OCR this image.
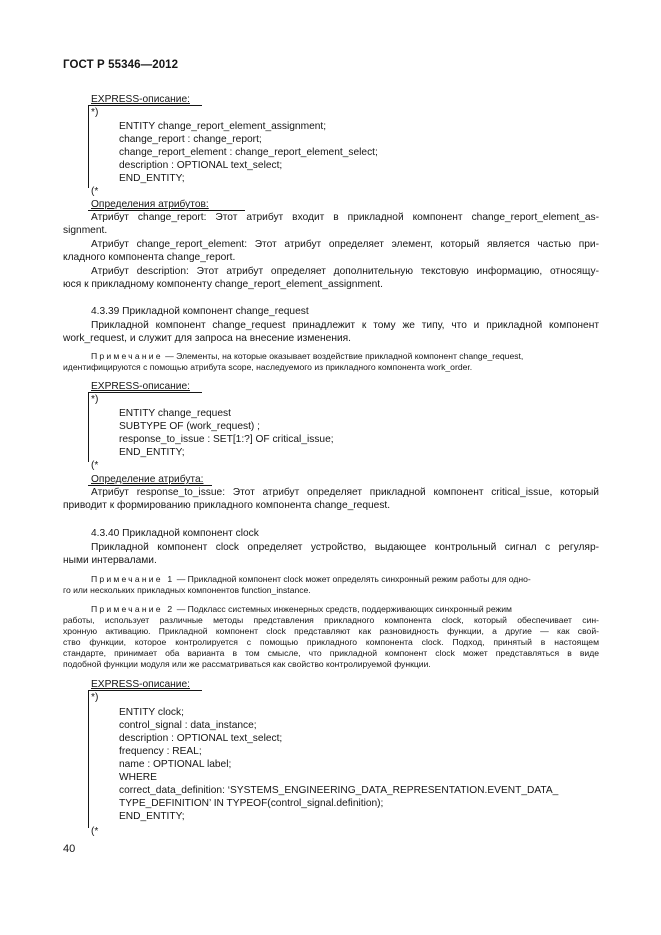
ГОСТ Р 55346—2012
EXPRESS-описание:
*)
ENTITY change_report_element_assignment;
change_report : change_report;
change_report_element : change_report_element_select;
description : OPTIONAL text_select;
END_ENTITY;
(*
Определения атрибутов:
Атрибут change_report: Этот атрибут входит в прикладной компонент change_report_element_as-
signment.
Атрибут change_report_element: Этот атрибут определяет элемент, который является частью при-
кладного компонента change_report.
Атрибут description: Этот атрибут определяет дополнительную текстовую информацию, относящу-
юся к прикладному компоненту change_report_element_assignment.
4.3.39 Прикладной компонент change_request
Прикладной компонент change_request принадлежит к тому же типу, что и прикладной компонент
work_request, и служит для запроса на внесение изменения.
Примечание — Элементы, на которые оказывает воздействие прикладной компонент change_request,
идентифицируются с помощью атрибута scope, наследуемого из прикладного компонента work_order.
EXPRESS-описание:
*)
ENTITY change_request
SUBTYPE OF (work_request) ;
response_to_issue : SET[1:?] OF critical_issue;
END_ENTITY;
(*
Определение атрибута:
Атрибут response_to_issue: Этот атрибут определяет прикладной компонент critical_issue, который
приводит к формированию прикладного компонента change_request.
4.3.40 Прикладной компонент clock
Прикладной компонент clock определяет устройство, выдающее контрольный сигнал с регуляр-
ными интервалами.
Примечание 1 — Прикладной компонент clock может определять синхронный режим работы для одно-
го или нескольких прикладных компонентов function_instance.
Примечание 2 — Подкласс системных инженерных средств, поддерживающих синхронный режим
работы, использует различные методы представления прикладного компонента clock, который обеспечивает син-
хронную активацию. Прикладной компонент clock представляют как разновидность функции, а другие — как свой-
ство функции, которое контролируется с помощью прикладного компонента clock. Подход, принятый в настоящем
стандарте, принимает оба варианта в том смысле, что прикладной компонент clock может представляться в виде
подобной функции модуля или же рассматриваться как свойство контролируемой функции.
EXPRESS-описание:
*)
ENTITY clock;
control_signal : data_instance;
description : OPTIONAL text_select;
frequency : REAL;
name : OPTIONAL label;
WHERE
correct_data_definition: ‘SYSTEMS_ENGINEERING_DATA_REPRESENTATION.EVENT_DATA_
TYPE_DEFINITION’ IN TYPEOF(control_signal.definition);
END_ENTITY;
(*
40
